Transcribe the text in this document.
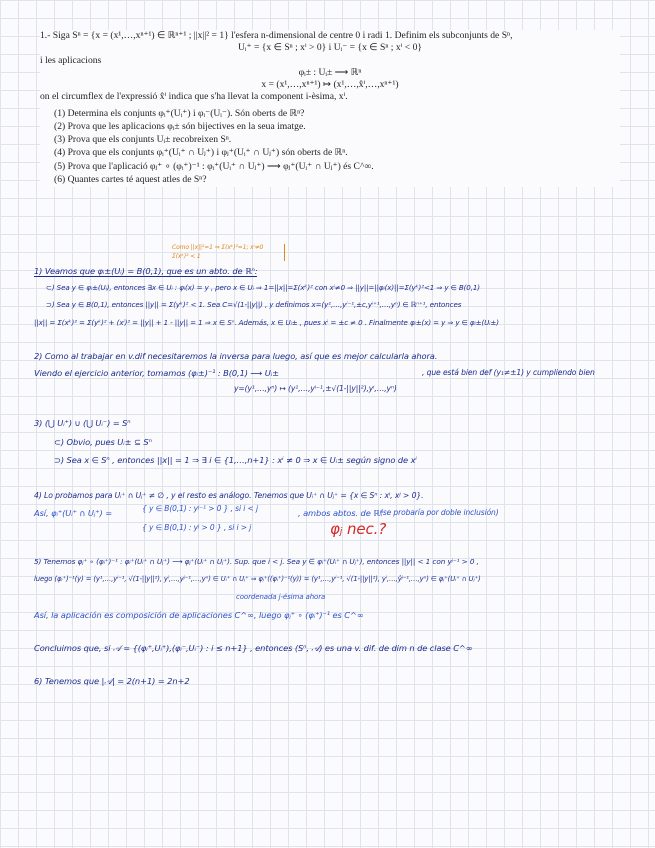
1.- Siga Sⁿ = {x = (x¹,…,xⁿ⁺¹) ∈ ℝⁿ⁺¹ ; ||x||² = 1} l'esfera n-dimensional de centre 0 i radi 1. Definim els subconjunts de Sⁿ,

Uᵢ⁺ = {x ∈ Sⁿ ; xⁱ > 0} i Uᵢ⁻ = {x ∈ Sⁿ ; xⁱ < 0}

i les aplicacions

φᵢ± : Uᵢ± ⟶ ℝⁿ

x = (x¹,…,xⁿ⁺¹) ↦ (x¹,…,x̂ⁱ,…,xⁿ⁺¹)

on el circumflex de l'expressió x̂ⁱ indica que s'ha llevat la component i-èsima, xⁱ.

(1) Determina els conjunts φᵢ⁺(Uᵢ⁺) i φᵢ⁻(Uᵢ⁻). Són oberts de ℝⁿ?
(2) Prova que les aplicacions φᵢ± són bijectives en la seua imatge.
(3) Prova que els conjunts Uᵢ± recobreixen Sⁿ.
(4) Prova que els conjunts φᵢ⁺(Uᵢ⁺ ∩ Uⱼ⁺) i φⱼ⁺(Uᵢ⁺ ∩ Uⱼ⁺) són oberts de ℝⁿ.
(5) Prova que l'aplicació φⱼ⁺ ∘ (φᵢ⁺)⁻¹ : φᵢ⁺(Uᵢ⁺ ∩ Uⱼ⁺) ⟶ φⱼ⁺(Uᵢ⁺ ∩ Uⱼ⁺) és C^∞.
(6) Quantes cartes té aquest atles de Sⁿ?
Como ||x||²=1 ⇒ Σ(xᵏ)²=1; xⁱ≠0
Σ(xᵏ)² < 1
1) Veamos que φᵢ±(Uᵢ) = B(0,1), que es un abto. de ℝⁿ:
⊂) Sea y ∈ φᵢ±(Uᵢ), entonces ∃x ∈ Uᵢ : φᵢ(x) = y , pero x ∈ Uᵢ ⇒ 1=||x||=Σ(xᵏ)² con xⁱ≠0 ⇒ ||y||=||φᵢ(x)||=Σ(yᵏ)²<1 ⇒ y ∈ B(0,1)
⊃) Sea y ∈ B(0,1), entonces ||y|| = Σ(yᵏ)² < 1. Sea C=√(1-||y||) , y definimos x=(y¹,…,yⁱ⁻¹,±c,yⁱ⁺¹,…,yⁿ) ∈ ℝⁿ⁺¹, entonces
||x|| = Σ(xᵏ)² = Σ(yᵏ)² + (xⁱ)² = ||y|| + 1 - ||y|| = 1 ⇒ x ∈ Sⁿ. Además, x ∈ Uᵢ± , pues xⁱ = ±c ≠ 0 . Finalmente φᵢ±(x) = y ⇒ y ∈ φᵢ±(Uᵢ±)
2) Como al trabajar en v.dif necesitaremos la inversa para luego, así que es mejor calcularla ahora.
Viendo el ejercicio anterior, tomamos (φᵢ±)⁻¹ : B(0,1) ⟶ Uᵢ±	, que está bien def (y₁≠±1) y cumpliendo bien
y=(y¹,…,yⁿ) ↦ (y¹,…,yⁱ⁻¹,±√(1-||y||²),yⁱ,…,yⁿ)
3) (⋃ Uᵢ⁺) ∪ (⋃ Uᵢ⁻) = Sⁿ
⊂) Obvio, pues Uᵢ± ⊆ Sⁿ
⊃) Sea x ∈ Sⁿ , entonces ||x|| = 1 ⇒ ∃ i ∈ {1,…,n+1} : xⁱ ≠ 0 ⇒ x ∈ Uᵢ± según signo de xⁱ
4) Lo probamos para Uᵢ⁺ ∩ Uⱼ⁺ ≠ ∅ , y el resto es análogo. Tenemos que Uᵢ⁺ ∩ Uⱼ⁺ = {x ∈ Sⁿ : xⁱ, xʲ > 0}.
Así, φᵢ⁺(Uᵢ⁺ ∩ Uⱼ⁺) =	{ y ∈ B(0,1) : yʲ⁻¹ > 0 } , si i < j
{ y ∈ B(0,1) : yʲ > 0 } , si i > j
, ambos abtos. de ℝⁿ
(se probaría por doble inclusión)
φⱼ nec.?
5) Tenemos φⱼ⁺ ∘ (φᵢ⁺)⁻¹ : φᵢ⁺(Uᵢ⁺ ∩ Uⱼ⁺) ⟶ φⱼ⁺(Uᵢ⁺ ∩ Uⱼ⁺). Sup. que i < j. Sea y ∈ φᵢ⁺(Uᵢ⁺ ∩ Uⱼ⁺), entonces ||y|| < 1 con yʲ⁻¹ > 0 ,
luego (φᵢ⁺)⁻¹(y) = (y¹,…,yⁱ⁻¹, √(1-||y||²), yⁱ,…,yʲ⁻¹,…,yⁿ) ∈ Uᵢ⁺ ∩ Uⱼ⁺ ⇒ φⱼ⁺((φᵢ⁺)⁻¹(y)) = (y¹,…,yⁱ⁻¹, √(1-||y||²), yⁱ,…,ŷʲ⁻¹,…,yⁿ) ∈ φⱼ⁺(Uᵢ⁺ ∩ Uⱼ⁺)
coordenada j-ésima ahora
Así, la aplicación es composición de aplicaciones C^∞, luego φⱼ⁺ ∘ (φᵢ⁺)⁻¹ es C^∞
Concluimos que, si 𝒜 = {(φᵢ⁺,Uᵢ⁺),(φᵢ⁻,Uᵢ⁻) : i ≤ n+1} , entonces (Sⁿ, 𝒜) es una v. dif. de dim n de clase C^∞
6) Tenemos que |𝒜| = 2(n+1) = 2n+2
